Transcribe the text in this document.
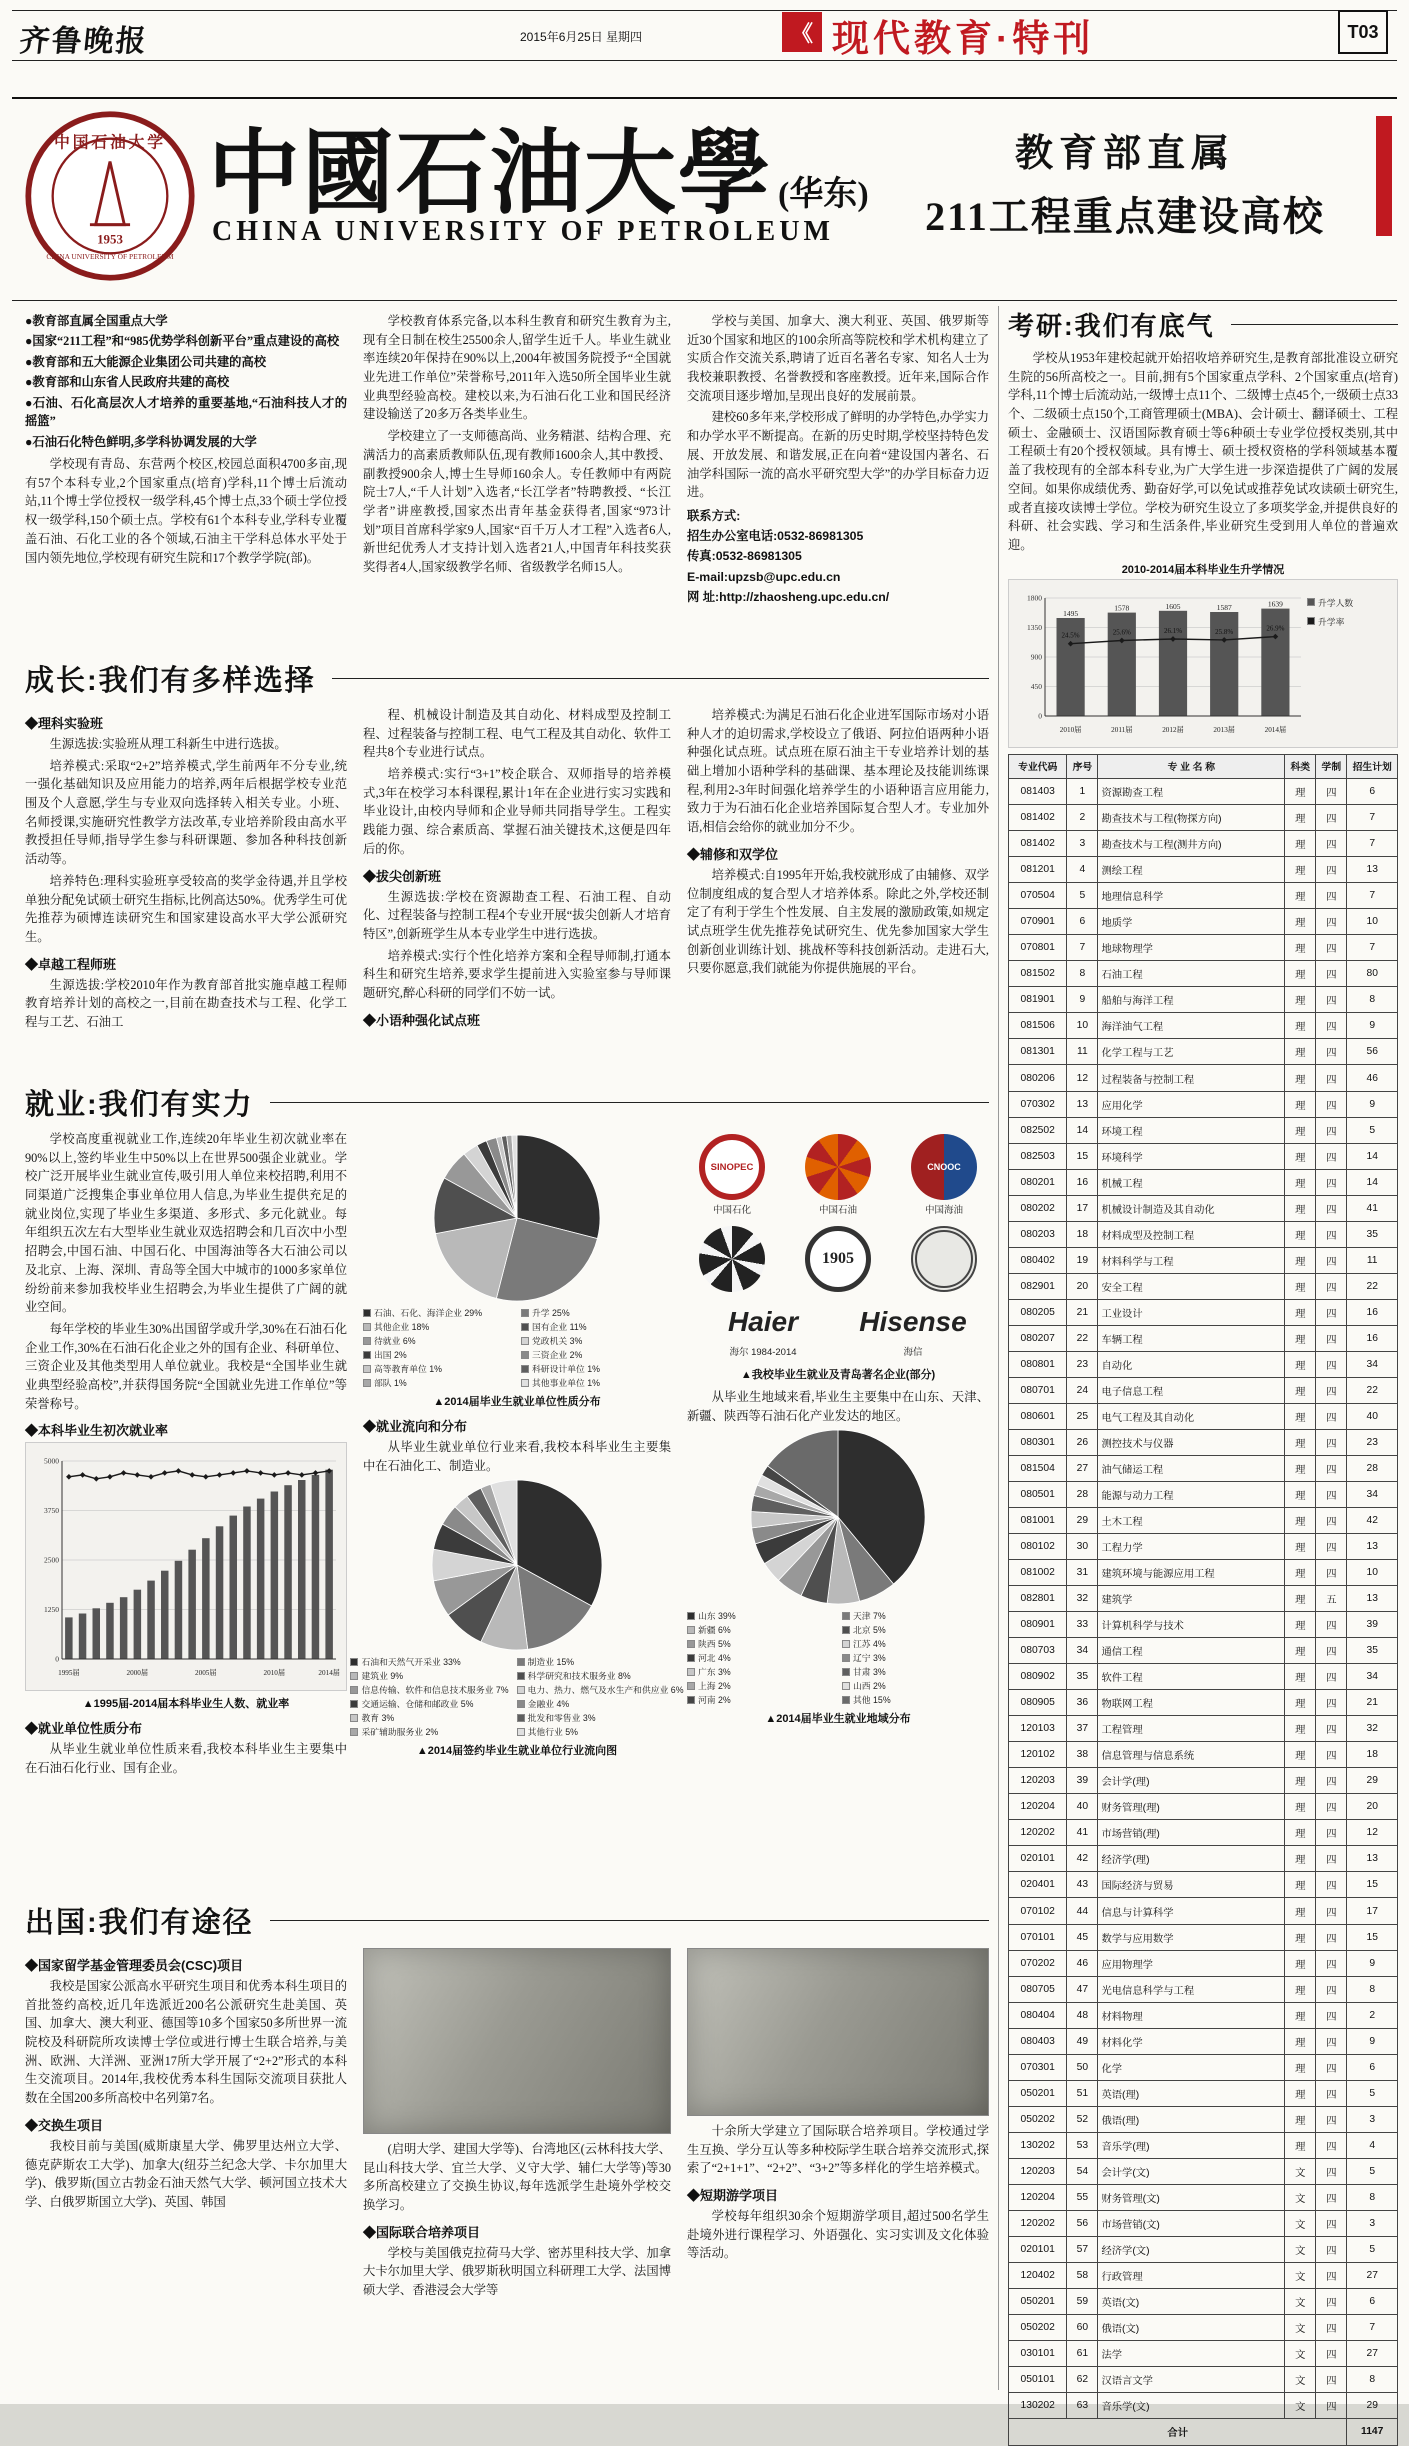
齐鲁晚报	2015年6月25日 星期四	《 现代教育·特刊	T03
中国石油大学
1953
CHINA UNIVERSITY OF PETROLEUM
中國石油大學 (华东)
CHINA UNIVERSITY OF PETROLEUM
教育部直属
211工程重点建设高校
●教育部直属全国重点大学
●国家“211工程”和“985优势学科创新平台”重点建设的高校
●教育部和五大能源企业集团公司共建的高校
●教育部和山东省人民政府共建的高校
●石油、石化高层次人才培养的重要基地,“石油科技人才的摇篮”
●石油石化特色鲜明,多学科协调发展的大学
学校现有青岛、东营两个校区,校园总面积4700多亩,现有57个本科专业,2个国家重点(培育)学科,11个博士后流动站,11个博士学位授权一级学科,45个博士点,33个硕士学位授权一级学科,150个硕士点。学校有61个本科专业,学科专业覆盖石油、石化工业的各个领域,石油主干学科总体水平处于国内领先地位,学校现有研究生院和17个教学学院(部)。
学校教育体系完备,以本科生教育和研究生教育为主,现有全日制在校生25500余人,留学生近千人。毕业生就业率连续20年保持在90%以上,2004年被国务院授予“全国就业先进工作单位”荣誉称号,2011年入选50所全国毕业生就业典型经验高校。建校以来,为石油石化工业和国民经济建设输送了20多万各类毕业生。
学校建立了一支师德高尚、业务精湛、结构合理、充满活力的高素质教师队伍,现有教师1600余人,其中教授、副教授900余人,博士生导师160余人。专任教师中有两院院士7人,“千人计划”入选者,“长江学者”特聘教授、“长江学者”讲座教授,国家杰出青年基金获得者,国家“973计划”项目首席科学家9人,国家“百千万人才工程”入选者6人,新世纪优秀人才支持计划入选者21人,中国青年科技奖获奖得者4人,国家级教学名师、省级教学名师15人。
学校与美国、加拿大、澳大利亚、英国、俄罗斯等近30个国家和地区的100余所高等院校和学术机构建立了实质合作交流关系,聘请了近百名著名专家、知名人士为我校兼职教授、名誉教授和客座教授。近年来,国际合作交流项目逐步增加,呈现出良好的发展前景。
建校60多年来,学校形成了鲜明的办学特色,办学实力和办学水平不断提高。在新的历史时期,学校坚持特色发展、开放发展、和谐发展,正在向着“建设国内著名、石油学科国际一流的高水平研究型大学”的办学目标奋力迈进。
联系方式:
招生办公室电话:0532-86981305
传真:0532-86981305
E-mail:upzsb@upc.edu.cn
网 址:http://zhaosheng.upc.edu.cn/
考研:我们有底气
学校从1953年建校起就开始招收培养研究生,是教育部批准设立研究生院的56所高校之一。目前,拥有5个国家重点学科、2个国家重点(培育)学科,11个博士后流动站,一级博士点11个、二级博士点45个,一级硕士点33个、二级硕士点150个,工商管理硕士(MBA)、会计硕士、翻译硕士、工程硕士、金融硕士、汉语国际教育硕士等6种硕士专业学位授权类别,其中工程硕士有20个授权领域。具有博士、硕士授权资格的学科领域基本覆盖了我校现有的全部本科专业,为广大学生进一步深造提供了广阔的发展空间。如果你成绩优秀、勤奋好学,可以免试或推荐免试攻读硕士研究生,或者直接攻读博士学位。学校为研究生设立了多项奖学金,并提供良好的科研、社会实践、学习和生活条件,毕业研究生受到用人单位的普遍欢迎。
2010-2014届本科毕业生升学情况
0
450
900
1350
1800
1495
1578	1605	1587	1639
2010届	2011届	2012届	2013届	2014届
24.5%	25.6%	26.1%	25.8%	26.9%
升学人数
升学率
专业代码	序号	专 业 名 称	科类	学制	招生计划
081403	1	资源勘查工程	理	四	6
081402	2	勘查技术与工程(物探方向)	理	四	7
081402	3	勘查技术与工程(测井方向)	理	四	7
081201	4	测绘工程	理	四	13
070504	5	地理信息科学	理	四	7
070901	6	地质学	理	四	10
070801	7	地球物理学	理	四	7
081502	8	石油工程	理	四	80
081901	9	船舶与海洋工程	理	四	8
081506	10	海洋油气工程	理	四	9
081301	11	化学工程与工艺	理	四	56
080206	12	过程装备与控制工程	理	四	46
070302	13	应用化学	理	四	9
082502	14	环境工程	理	四	5
082503	15	环境科学	理	四	14
080201	16	机械工程	理	四	14
080202	17	机械设计制造及其自动化	理	四	41
080203	18	材料成型及控制工程	理	四	35
080402	19	材料科学与工程	理	四	11
082901	20	安全工程	理	四	22
080205	21	工业设计	理	四	16
080207	22	车辆工程	理	四	16
080801	23	自动化	理	四	34
080701	24	电子信息工程	理	四	22
080601	25	电气工程及其自动化	理	四	40
080301	26	测控技术与仪器	理	四	23
081504	27	油气储运工程	理	四	28
080501	28	能源与动力工程	理	四	34
081001	29	土木工程	理	四	42
080102	30	工程力学	理	四	13
081002	31	建筑环境与能源应用工程	理	四	10
082801	32	建筑学	理	五	13
080901	33	计算机科学与技术	理	四	39
080703	34	通信工程	理	四	35
080902	35	软件工程	理	四	34
080905	36	物联网工程	理	四	21
120103	37	工程管理	理	四	32
120102	38	信息管理与信息系统	理	四	18
120203	39	会计学(理)	理	四	29
120204	40	财务管理(理)	理	四	20
120202	41	市场营销(理)	理	四	12
020101	42	经济学(理)	理	四	13
020401	43	国际经济与贸易	理	四	15
070102	44	信息与计算科学	理	四	17
070101	45	数学与应用数学	理	四	15
070202	46	应用物理学	理	四	9
080705	47	光电信息科学与工程	理	四	8
080404	48	材料物理	理	四	2
080403	49	材料化学	理	四	9
070301	50	化学	理	四	6
050201	51	英语(理)	理	四	5
050202	52	俄语(理)	理	四	3
130202	53	音乐学(理)	理	四	4
120203	54	会计学(文)	文	四	5
120204	55	财务管理(文)	文	四	8
120202	56	市场营销(文)	文	四	3
020101	57	经济学(文)	文	四	5
120402	58	行政管理	文	四	27
050201	59	英语(文)	文	四	6
050202	60	俄语(文)	文	四	7
030101	61	法学	文	四	27
050101	62	汉语言文学	文	四	8
130202	63	音乐学(文)	文	四	29
合计					1147
成长:我们有多样选择
◆理科实验班
生源选拔:实验班从理工科新生中进行选拔。
培养模式:采取“2+2”培养模式,学生前两年不分专业,统一强化基础知识及应用能力的培养,两年后根据学校专业范围及个人意愿,学生与专业双向选择转入相关专业。小班、名师授课,实施研究性教学方法改革,专业培养阶段由高水平教授担任导师,指导学生参与科研课题、参加各种科技创新活动等。
培养特色:理科实验班享受较高的奖学金待遇,并且学校单独分配免试硕士研究生指标,比例高达50%。优秀学生可优先推荐为硕博连读研究生和国家建设高水平大学公派研究生。
◆卓越工程师班
生源选拔:学校2010年作为教育部首批实施卓越工程师教育培养计划的高校之一,目前在勘查技术与工程、化学工程与工艺、石油工
程、机械设计制造及其自动化、材料成型及控制工程、过程装备与控制工程、电气工程及其自动化、软件工程共8个专业进行试点。
培养模式:实行“3+1”校企联合、双师指导的培养模式,3年在校学习本科课程,累计1年在企业进行实习实践和毕业设计,由校内导师和企业导师共同指导学生。工程实践能力强、综合素质高、掌握石油关键技术,这便是四年后的你。
◆拔尖创新班
生源选拔:学校在资源勘查工程、石油工程、自动化、过程装备与控制工程4个专业开展“拔尖创新人才培育特区”,创新班学生从本专业学生中进行选拔。
培养模式:实行个性化培养方案和全程导师制,打通本科生和研究生培养,要求学生提前进入实验室参与导师课题研究,醉心科研的同学们不妨一试。
◆小语种强化试点班
培养模式:为满足石油石化企业进军国际市场对小语种人才的迫切需求,学校设立了俄语、阿拉伯语两种小语种强化试点班。试点班在原石油主干专业培养计划的基础上增加小语种学科的基础课、基本理论及技能训练课程,利用2-3年时间强化培养学生的小语种语言应用能力,致力于为石油石化企业培养国际复合型人才。专业加外语,相信会给你的就业加分不少。
◆辅修和双学位
培养模式:自1995年开始,我校就形成了由辅修、双学位制度组成的复合型人才培养体系。除此之外,学校还制定了有利于学生个性发展、自主发展的激励政策,如规定试点班学生优先推荐免试研究生、优先参加国家大学生创新创业训练计划、挑战杯等科技创新活动。走进石大,只要你愿意,我们就能为你提供施展的平台。
就业:我们有实力
学校高度重视就业工作,连续20年毕业生初次就业率在90%以上,签约毕业生中50%以上在世界500强企业就业。学校广泛开展毕业生就业宣传,吸引用人单位来校招聘,利用不同渠道广泛搜集企事业单位用人信息,为毕业生提供充足的就业岗位,实现了毕业生多渠道、多形式、多元化就业。每年组织五次左右大型毕业生就业双选招聘会和几百次中小型招聘会,中国石油、中国石化、中国海油等各大石油公司以及北京、上海、深圳、青岛等全国大中城市的1000多家单位纷纷前来参加我校毕业生招聘会,为毕业生提供了广阔的就业空间。
每年学校的毕业生30%出国留学或升学,30%在石油石化企业工作,30%在石油石化企业之外的国有企业、科研单位、三资企业及其他类型用人单位就业。我校是“全国毕业生就业典型经验高校”,并获得国务院“全国就业先进工作单位”等荣誉称号。
◆本科毕业生初次就业率
0
1250
2500
3750
5000
1995届	2000届	2005届	2010届	2014届
▲1995届-2014届本科毕业生人数、就业率
◆就业单位性质分布
从毕业生就业单位性质来看,我校本科毕业生主要集中在石油石化行业、国有企业。
石油、石化、海洋企业 29%	升学 25%
其他企业 18%	国有企业 11%
待就业 6%	党政机关 3%
出国 2%	三资企业 2%
高等教育单位 1%	科研设计单位 1%
部队 1%	其他事业单位 1%
▲2014届毕业生就业单位性质分布
◆就业流向和分布
从毕业生就业单位行业来看,我校本科毕业生主要集中在石油化工、制造业。
石油和天然气开采业 33%	制造业 15%
建筑业 9%	科学研究和技术服务业 8%
信息传输、软件和信息技术服务业 7%	电力、热力、燃气及水生产和供应业 6%
交通运输、仓储和邮政业 5%	金融业 4%
教育 3%	批发和零售业 3%
采矿辅助服务业 2%	其他行业 5%
▲2014届签约毕业生就业单位行业流向图
SINOPEC
中国石化	中国石油
CNOOC
中国海油
1905
Haier
海尔 1984-2014
Hisense
海信
▲我校毕业生就业及青岛著名企业(部分)
从毕业生地域来看,毕业生主要集中在山东、天津、新疆、陕西等石油石化产业发达的地区。
山东 39%	天津 7%
新疆 6%	北京 5%
陕西 5%	江苏 4%
河北 4%	辽宁 3%
广东 3%	甘肃 3%
上海 2%	山西 2%
河南 2%	其他 15%
▲2014届毕业生就业地域分布
出国:我们有途径
◆国家留学基金管理委员会(CSC)项目
我校是国家公派高水平研究生项目和优秀本科生项目的首批签约高校,近几年选派近200名公派研究生赴美国、英国、加拿大、澳大利亚、德国等10多个国家50多所世界一流院校及科研院所攻读博士学位或进行博士生联合培养,与美洲、欧洲、大洋洲、亚洲17所大学开展了“2+2”形式的本科生交流项目。2014年,我校优秀本科生国际交流项目获批人数在全国200多所高校中名列第7名。
◆交换生项目
我校目前与美国(威斯康星大学、佛罗里达州立大学、德克萨斯农工大学)、加拿大(纽芬兰纪念大学、卡尔加里大学)、俄罗斯(国立古勃金石油天然气大学、顿河国立技术大学、白俄罗斯国立大学)、英国、韩国
(启明大学、建国大学等)、台湾地区(云林科技大学、昆山科技大学、宜兰大学、义守大学、辅仁大学等)等30多所高校建立了交换生协议,每年选派学生赴境外学校交换学习。
◆国际联合培养项目
学校与美国俄克拉荷马大学、密苏里科技大学、加拿大卡尔加里大学、俄罗斯秋明国立科研理工大学、法国博硕大学、香港浸会大学等
十余所大学建立了国际联合培养项目。学校通过学生互换、学分互认等多种校际学生联合培养交流形式,探索了“2+1+1”、“2+2”、“3+2”等多样化的学生培养模式。
◆短期游学项目
学校每年组织30余个短期游学项目,超过500名学生赴境外进行课程学习、外语强化、实习实训及文化体验等活动。
